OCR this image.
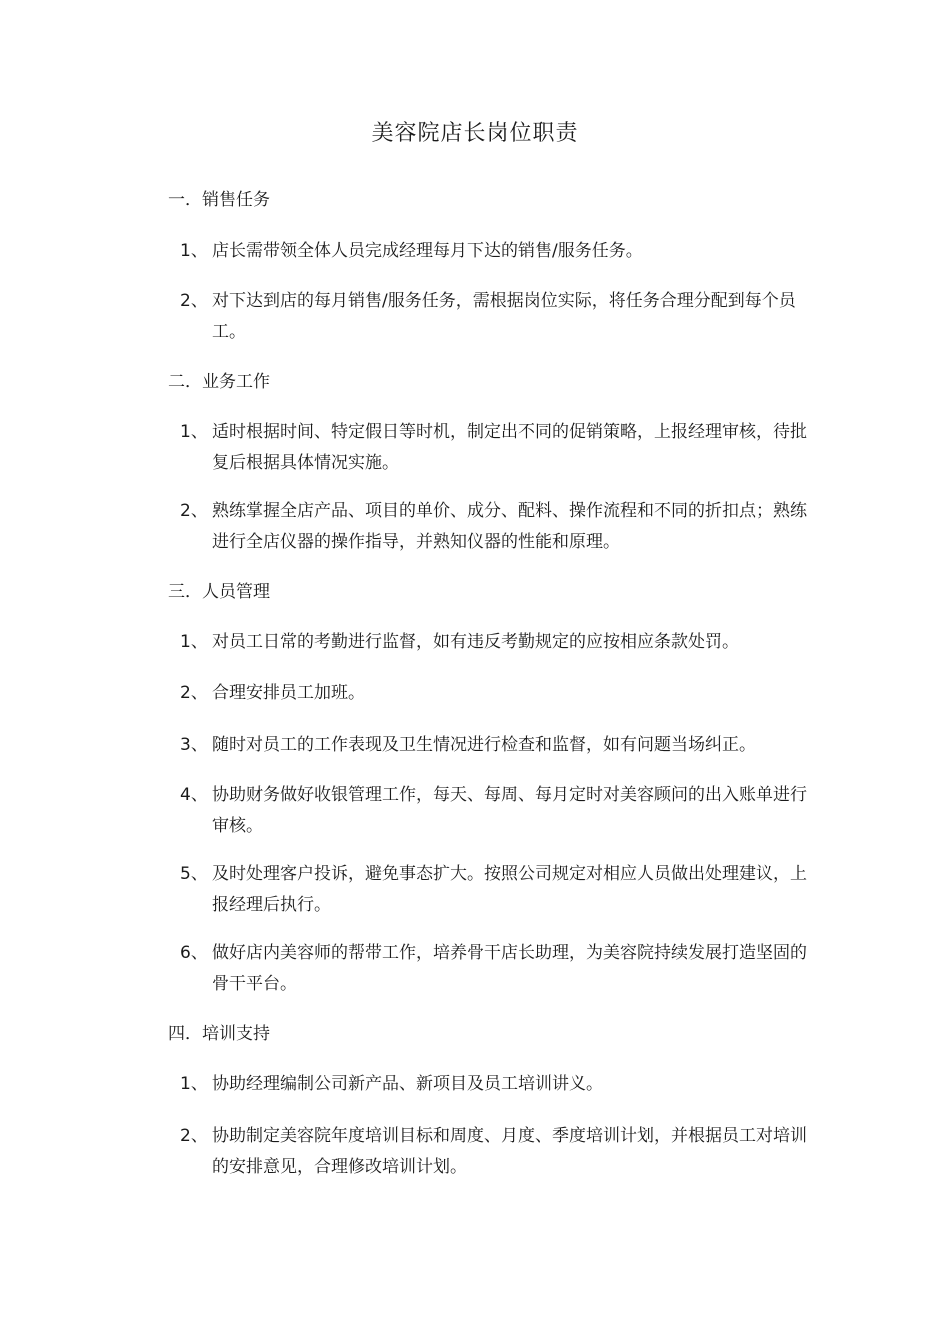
美容院店长岗位职责
一．销售任务
1、 店长需带领全体人员完成经理每月下达的销售/服务任务。
2、 对下达到店的每月销售/服务任务，需根据岗位实际，将任务合理分配到每个员工。
二．业务工作
1、 适时根据时间、特定假日等时机，制定出不同的促销策略，上报经理审核，待批复后根据具体情况实施。
2、 熟练掌握全店产品、项目的单价、成分、配料、操作流程和不同的折扣点；熟练进行全店仪器的操作指导，并熟知仪器的性能和原理。
三．人员管理
1、 对员工日常的考勤进行监督，如有违反考勤规定的应按相应条款处罚。
2、 合理安排员工加班。
3、 随时对员工的工作表现及卫生情况进行检查和监督，如有问题当场纠正。
4、 协助财务做好收银管理工作，每天、每周、每月定时对美容顾问的出入账单进行审核。
5、 及时处理客户投诉，避免事态扩大。按照公司规定对相应人员做出处理建议，上报经理后执行。
6、 做好店内美容师的帮带工作，培养骨干店长助理，为美容院持续发展打造坚固的骨干平台。
四．培训支持
1、 协助经理编制公司新产品、新项目及员工培训讲义。
2、 协助制定美容院年度培训目标和周度、月度、季度培训计划，并根据员工对培训的安排意见，合理修改培训计划。
